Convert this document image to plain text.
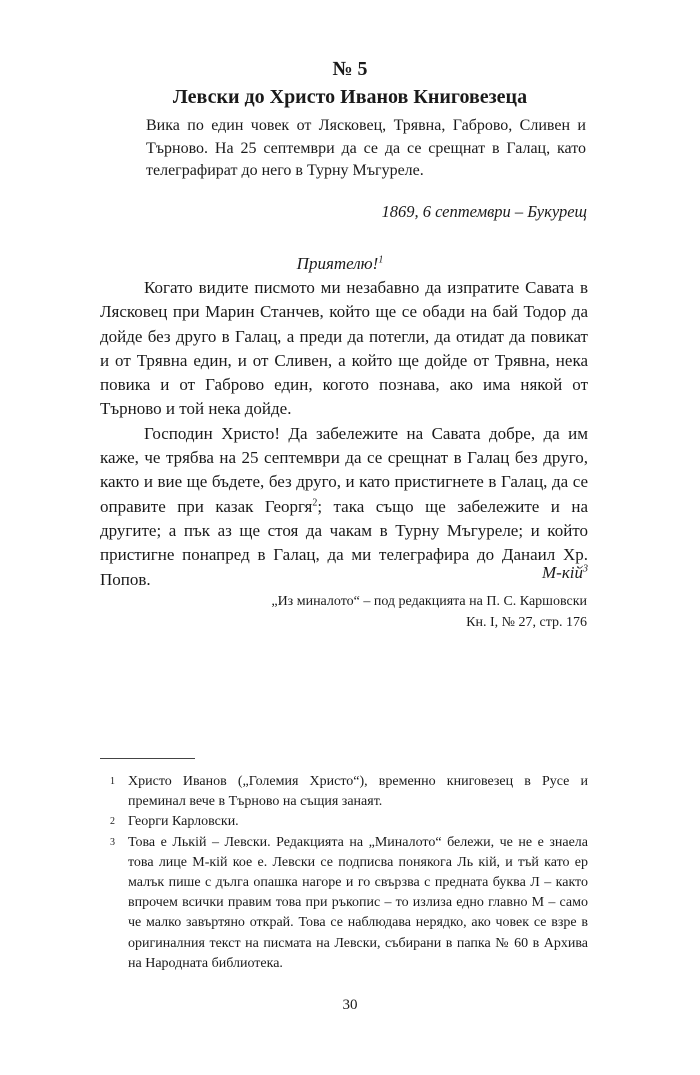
№ 5
Левски до Христо Иванов Книговезеца
Вика по един човек от Лясковец, Трявна, Габрово, Сливен и Търново. На 25 септември да се да се срещнат в Галац, като телеграфират до него в Турну Мъгуреле.
1869, 6 септември – Букурещ
Приятелю!$^1$

Когато видите писмото ми незабавно да изпратите Савата в Лясковец при Марин Станчев, който ще се обади на бай Тодор да дойде без друго в Галац, а преди да потегли, да отидат да повикат и от Трявна един, и от Сливен, а който ще дойде от Трявна, нека повика и от Габрово един, когото познава, ако има някой от Търново и той нека дойде.

Господин Христо! Да забележите на Савата добре, да им каже, че трябва на 25 септември да се срещнат в Галац без друго, както и вие ще бъдете, без друго, и като пристигнете в Галац, да се оправите при казак Георгя$^2$; така също ще забележите и на другите; а пък аз ще стоя да чакам в Турну Мъгуреле; и който пристигне понапред в Галац, да ми телеграфира до Данаил Хр. Попов.	М-кій$^3$
„Из миналото“ – под редакцията на П. С. Каршовски
Кн. I, № 27, стр. 176
1 Христо Иванов („Големия Христо“), временно книговезец в Русе и преминал вече в Търново на същия занаят.
2 Георги Карловски.
3 Това е Лькій – Левски. Редакцията на „Миналото“ бележи, че не е знаела това лице М-кій кое е. Левски се подписва понякога Ль кій, и тъй като ер малък пише с дълга опашка нагоре и го свързва с предната буква Л – както впрочем всички правим това при ръкопис – то излиза едно главно М – само че малко завъртяно открай. Това се наблюдава нерядко, ако човек се взре в оригиналния текст на писмата на Левски, събирани в папка № 60 в Архива на Народната библиотека.
30
